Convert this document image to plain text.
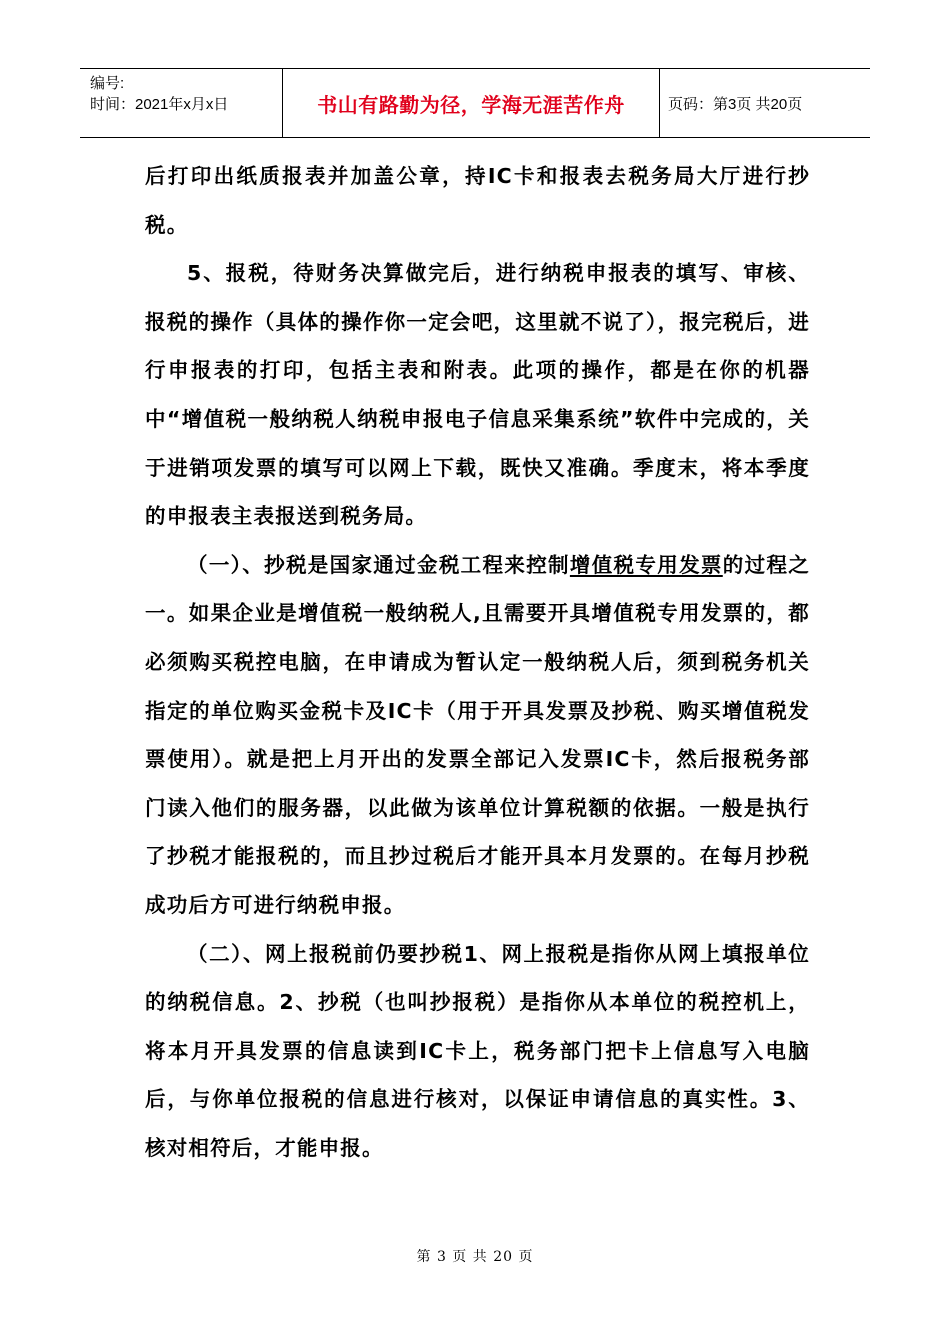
编号:
时间：2021年x月x日	书山有路勤为径，学海无涯苦作舟	页码：第3页 共20页

后打印出纸质报表并加盖公章，持IC卡和报表去税务局大厅进行抄税。

5、报税，待财务决算做完后，进行纳税申报表的填写、审核、报税的操作（具体的操作你一定会吧，这里就不说了），报完税后，进行申报表的打印，包括主表和附表。此项的操作，都是在你的机器中“增值税一般纳税人纳税申报电子信息采集系统”软件中完成的，关于进销项发票的填写可以网上下载，既快又准确。季度末，将本季度的申报表主表报送到税务局。

（一）、抄税是国家通过金税工程来控制增值税专用发票的过程之一。如果企业是增值税一般纳税人,且需要开具增值税专用发票的，都必须购买税控电脑，在申请成为暂认定一般纳税人后，须到税务机关指定的单位购买金税卡及IC卡（用于开具发票及抄税、购买增值税发票使用）。就是把上月开出的发票全部记入发票IC卡，然后报税务部门读入他们的服务器，以此做为该单位计算税额的依据。一般是执行了抄税才能报税的，而且抄过税后才能开具本月发票的。在每月抄税成功后方可进行纳税申报。

（二）、网上报税前仍要抄税1、网上报税是指你从网上填报单位的纳税信息。2、抄税（也叫抄报税）是指你从本单位的税控机上，将本月开具发票的信息读到IC卡上，税务部门把卡上信息写入电脑后，与你单位报税的信息进行核对，以保证申请信息的真实性。3、核对相符后，才能申报。

第 3 页 共 20 页
